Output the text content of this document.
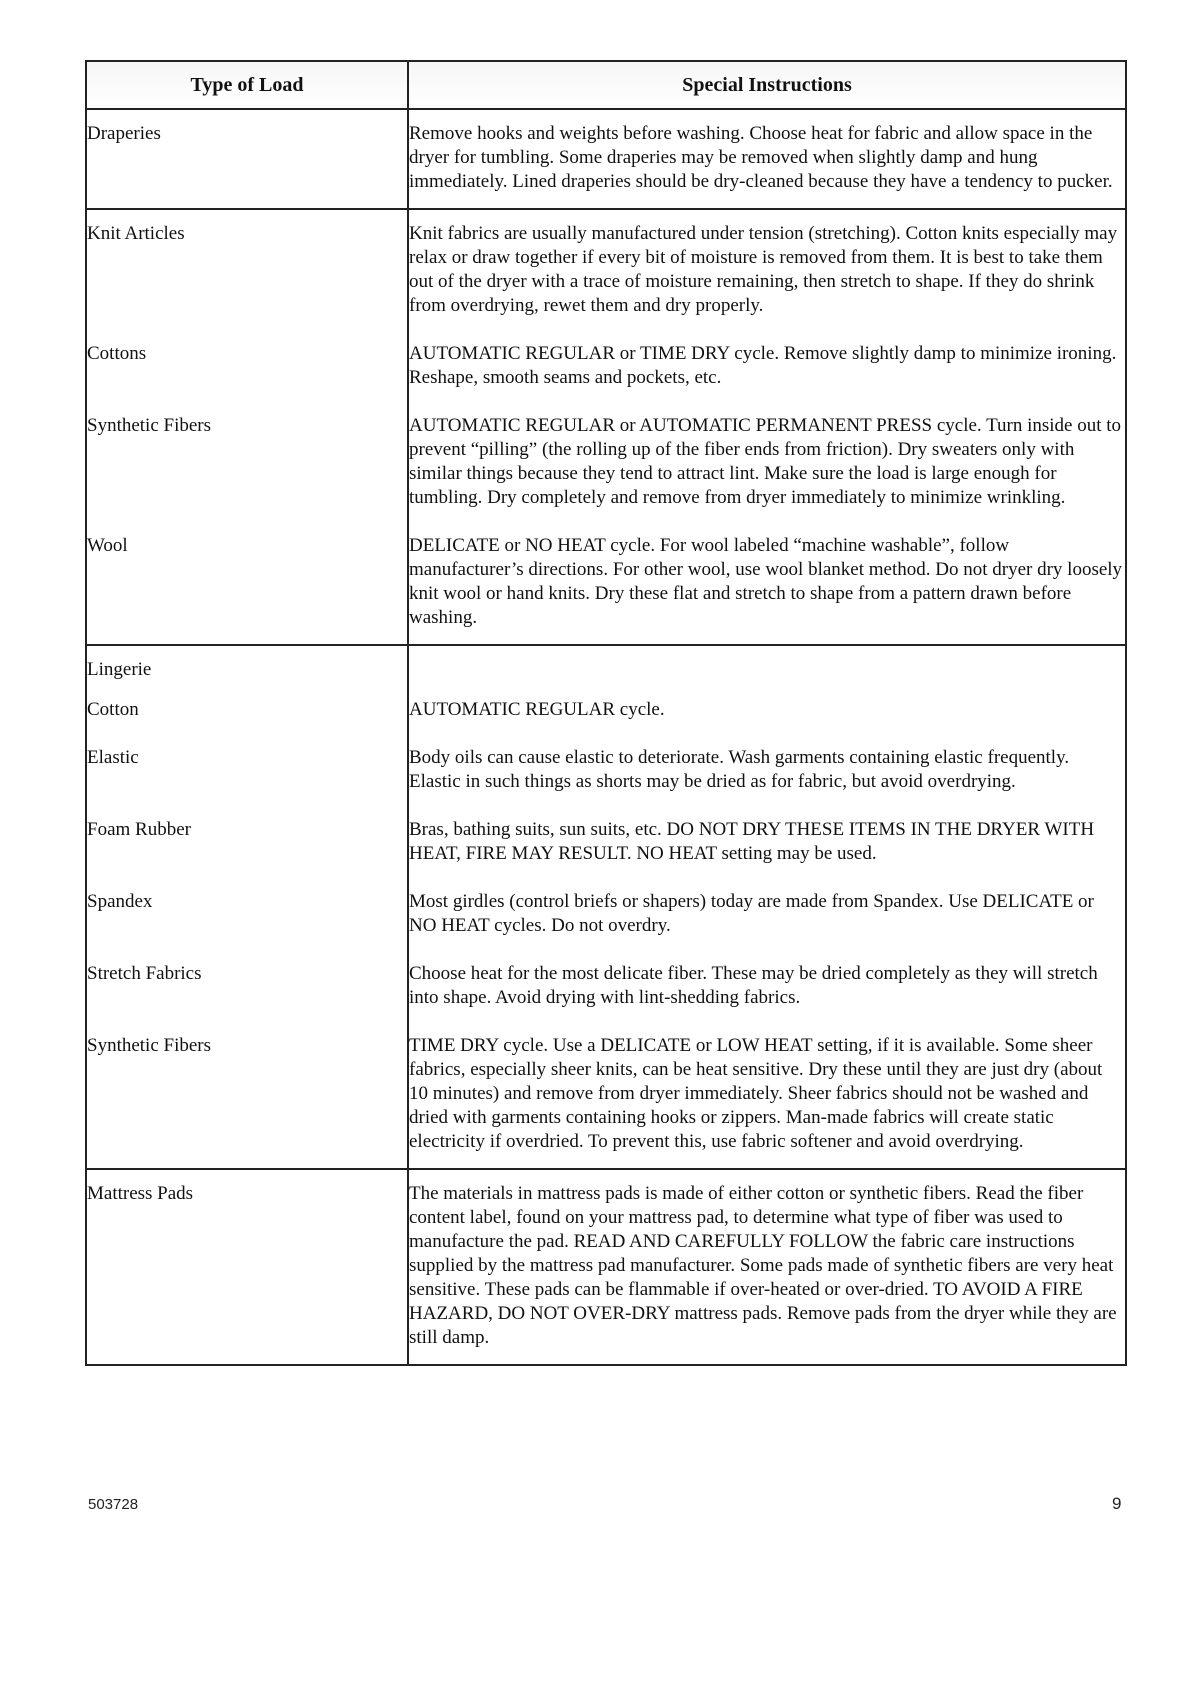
Type of Load	Special Instructions

Draperies	Remove hooks and weights before washing. Choose heat for fabric and allow space in the dryer for tumbling. Some draperies may be removed when slightly damp and hung immediately. Lined draperies should be dry-cleaned because they have a tendency to pucker.

Knit Articles	Knit fabrics are usually manufactured under tension (stretching). Cotton knits especially may relax or draw together if every bit of moisture is removed from them. It is best to take them out of the dryer with a trace of moisture remaining, then stretch to shape. If they do shrink from overdrying, rewet them and dry properly.

Cottons	AUTOMATIC REGULAR or TIME DRY cycle. Remove slightly damp to minimize ironing. Reshape, smooth seams and pockets, etc.

Synthetic Fibers	AUTOMATIC REGULAR or AUTOMATIC PERMANENT PRESS cycle. Turn inside out to prevent “pilling” (the rolling up of the fiber ends from friction). Dry sweaters only with similar things because they tend to attract lint. Make sure the load is large enough for tumbling. Dry completely and remove from dryer immediately to minimize wrinkling.

Wool	DELICATE or NO HEAT cycle. For wool labeled “machine washable”, follow manufacturer’s directions. For other wool, use wool blanket method. Do not dryer dry loosely knit wool or hand knits. Dry these flat and stretch to shape from a pattern drawn before washing.

Lingerie	

Cotton	AUTOMATIC REGULAR cycle.

Elastic	Body oils can cause elastic to deteriorate. Wash garments containing elastic frequently. Elastic in such things as shorts may be dried as for fabric, but avoid overdrying.

Foam Rubber	Bras, bathing suits, sun suits, etc. DO NOT DRY THESE ITEMS IN THE DRYER WITH HEAT, FIRE MAY RESULT. NO HEAT setting may be used.

Spandex	Most girdles (control briefs or shapers) today are made from Spandex. Use DELICATE or NO HEAT cycles. Do not overdry.

Stretch Fabrics	Choose heat for the most delicate fiber. These may be dried completely as they will stretch into shape. Avoid drying with lint-shedding fabrics.

Synthetic Fibers	TIME DRY cycle. Use a DELICATE or LOW HEAT setting, if it is available. Some sheer fabrics, especially sheer knits, can be heat sensitive. Dry these until they are just dry (about 10 minutes) and remove from dryer immediately. Sheer fabrics should not be washed and dried with garments containing hooks or zippers. Man-made fabrics will create static electricity if overdried. To prevent this, use fabric softener and avoid overdrying.

Mattress Pads	The materials in mattress pads is made of either cotton or synthetic fibers. Read the fiber content label, found on your mattress pad, to determine what type of fiber was used to manufacture the pad. READ AND CAREFULLY FOLLOW the fabric care instructions supplied by the mattress pad manufacturer. Some pads made of synthetic fibers are very heat sensitive. These pads can be flammable if over-heated or over-dried. TO AVOID A FIRE HAZARD, DO NOT OVER-DRY mattress pads. Remove pads from the dryer while they are still damp.
503728	9
